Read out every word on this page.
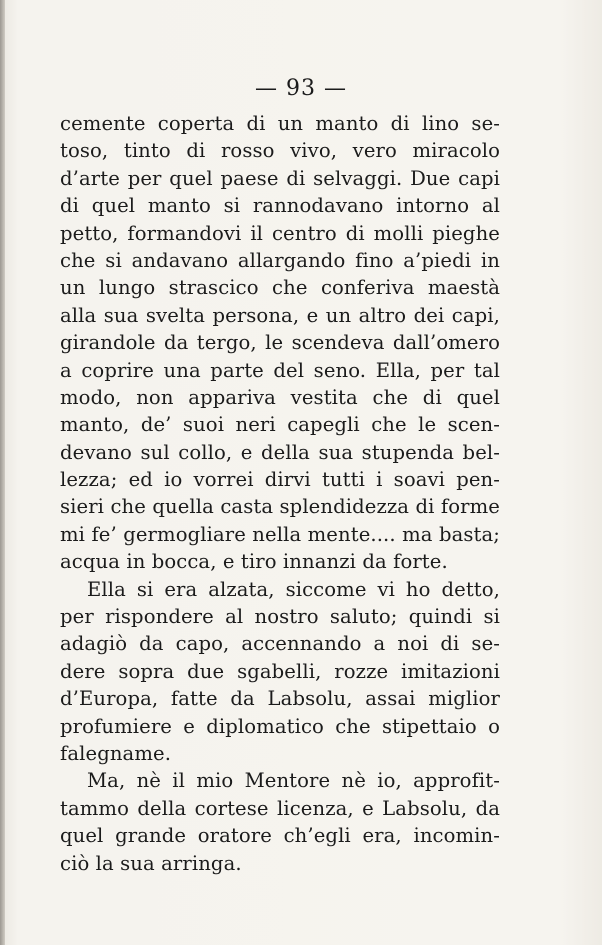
— 93 —
cemente coperta di un manto di lino se-
toso, tinto di rosso vivo, vero miracolo
d’arte per quel paese di selvaggi. Due capi
di quel manto si rannodavano intorno al
petto, formandovi il centro di molli pieghe
che si andavano allargando fino a’piedi in
un lungo strascico che conferiva maestà
alla sua svelta persona, e un altro dei capi,
girandole da tergo, le scendeva dall’omero
a coprire una parte del seno. Ella, per tal
modo, non appariva vestita che di quel
manto, de’ suoi neri capegli che le scen-
devano sul collo, e della sua stupenda bel-
lezza; ed io vorrei dirvi tutti i soavi pen-
sieri che quella casta splendidezza di forme
mi fe’ germogliare nella mente.... ma basta;
acqua in bocca, e tiro innanzi da forte.
Ella si era alzata, siccome vi ho detto,
per rispondere al nostro saluto; quindi si
adagiò da capo, accennando a noi di se-
dere sopra due sgabelli, rozze imitazioni
d’Europa, fatte da Labsolu, assai miglior
profumiere e diplomatico che stipettaio o
falegname.
Ma, nè il mio Mentore nè io, approfit-
tammo della cortese licenza, e Labsolu, da
quel grande oratore ch’egli era, incomin-
ciò la sua arringa.
